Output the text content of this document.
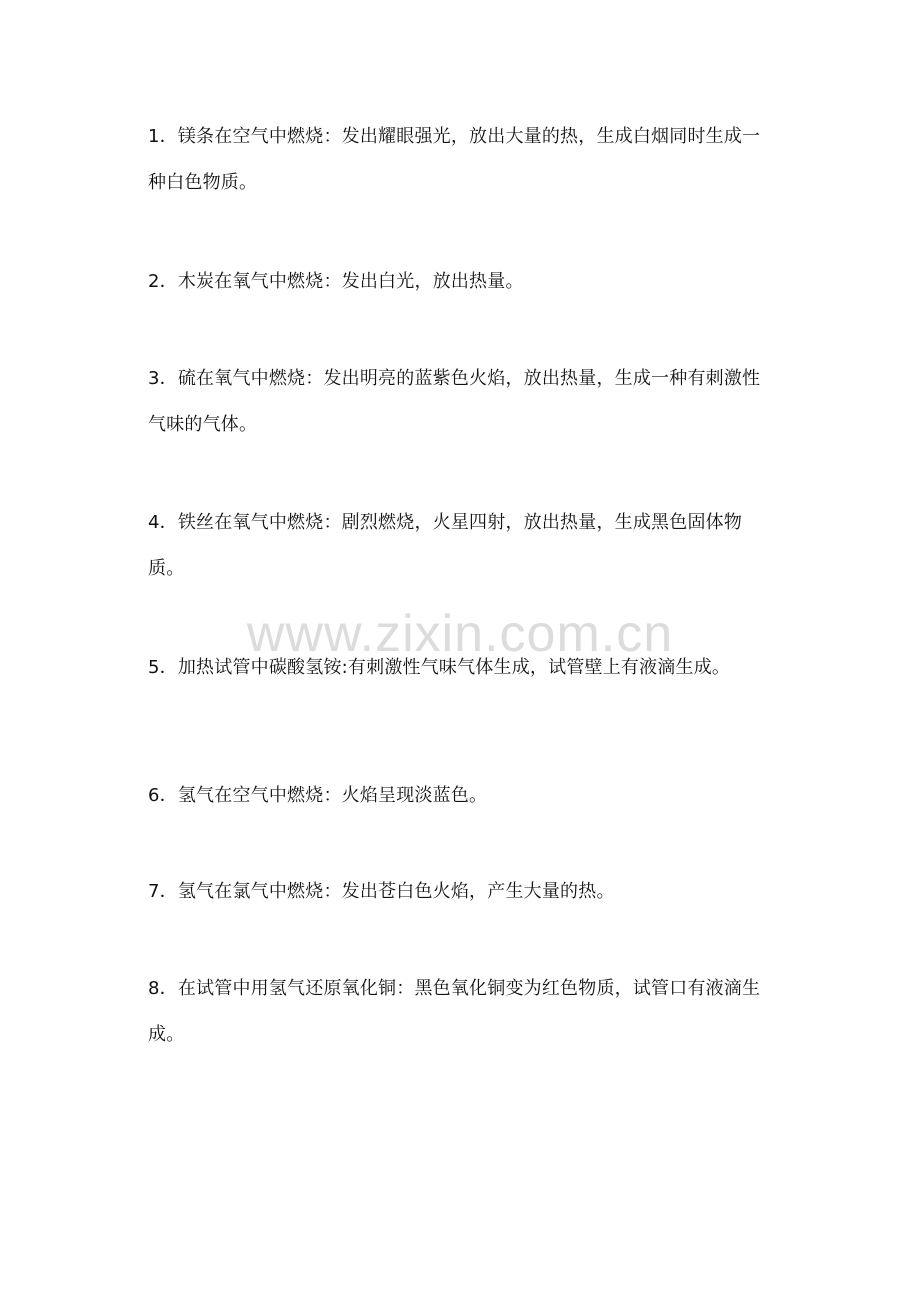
1．镁条在空气中燃烧：发出耀眼强光，放出大量的热，生成白烟同时生成一种白色物质。

2．木炭在氧气中燃烧：发出白光，放出热量。

3．硫在氧气中燃烧：发出明亮的蓝紫色火焰，放出热量，生成一种有刺激性气味的气体。

4．铁丝在氧气中燃烧：剧烈燃烧，火星四射，放出热量，生成黑色固体物质。

5．加热试管中碳酸氢铵:有刺激性气味气体生成，试管壁上有液滴生成。

6．氢气在空气中燃烧：火焰呈现淡蓝色。

7．氢气在氯气中燃烧：发出苍白色火焰，产生大量的热。

8．在试管中用氢气还原氧化铜：黑色氧化铜变为红色物质，试管口有液滴生成。

www.zixin.com.cn
